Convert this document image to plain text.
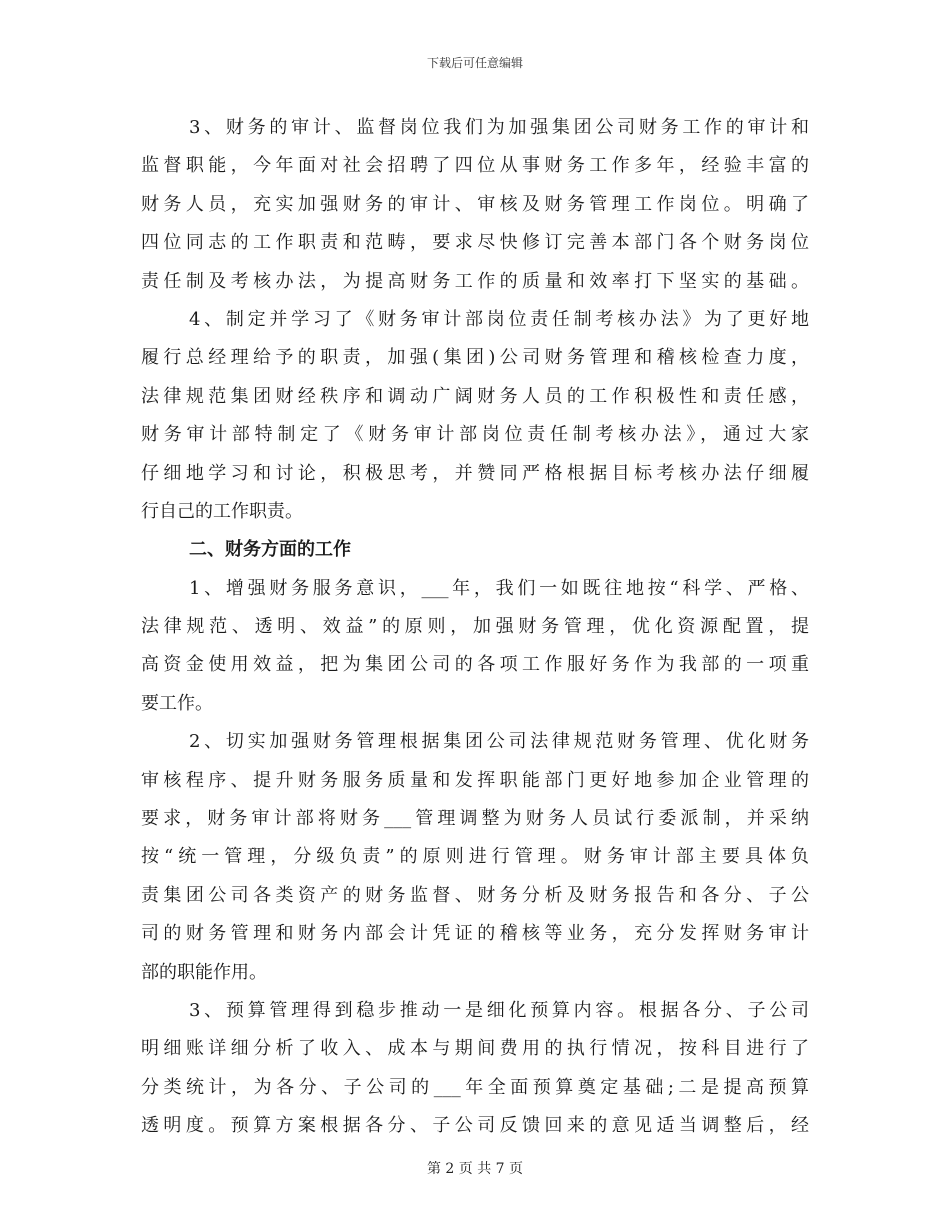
下载后可任意编辑
3、财务的审计、监督岗位我们为加强集团公司财务工作的审计和
监督职能，今年面对社会招聘了四位从事财务工作多年，经验丰富的
财务人员，充实加强财务的审计、审核及财务管理工作岗位。明确了
四位同志的工作职责和范畴，要求尽快修订完善本部门各个财务岗位
责任制及考核办法，为提高财务工作的质量和效率打下坚实的基础。
4、制定并学习了《财务审计部岗位责任制考核办法》为了更好地
履行总经理给予的职责，加强(集团)公司财务管理和稽核检查力度，
法律规范集团财经秩序和调动广阔财务人员的工作积极性和责任感，
财务审计部特制定了《财务审计部岗位责任制考核办法》，通过大家
仔细地学习和讨论，积极思考，并赞同严格根据目标考核办法仔细履
行自己的工作职责。
二、财务方面的工作
1、增强财务服务意识，___年，我们一如既往地按“科学、严格、
法律规范、透明、效益”的原则，加强财务管理，优化资源配置，提
高资金使用效益，把为集团公司的各项工作服好务作为我部的一项重
要工作。
2、切实加强财务管理根据集团公司法律规范财务管理、优化财务
审核程序、提升财务服务质量和发挥职能部门更好地参加企业管理的
要求，财务审计部将财务___管理调整为财务人员试行委派制，并采纳
按“统一管理，分级负责”的原则进行管理。财务审计部主要具体负
责集团公司各类资产的财务监督、财务分析及财务报告和各分、子公
司的财务管理和财务内部会计凭证的稽核等业务，充分发挥财务审计
部的职能作用。
3、预算管理得到稳步推动一是细化预算内容。根据各分、子公司
明细账详细分析了收入、成本与期间费用的执行情况，按科目进行了
分类统计，为各分、子公司的___年全面预算奠定基础;二是提高预算
透明度。预算方案根据各分、子公司反馈回来的意见适当调整后，经
第 2 页 共 7 页
